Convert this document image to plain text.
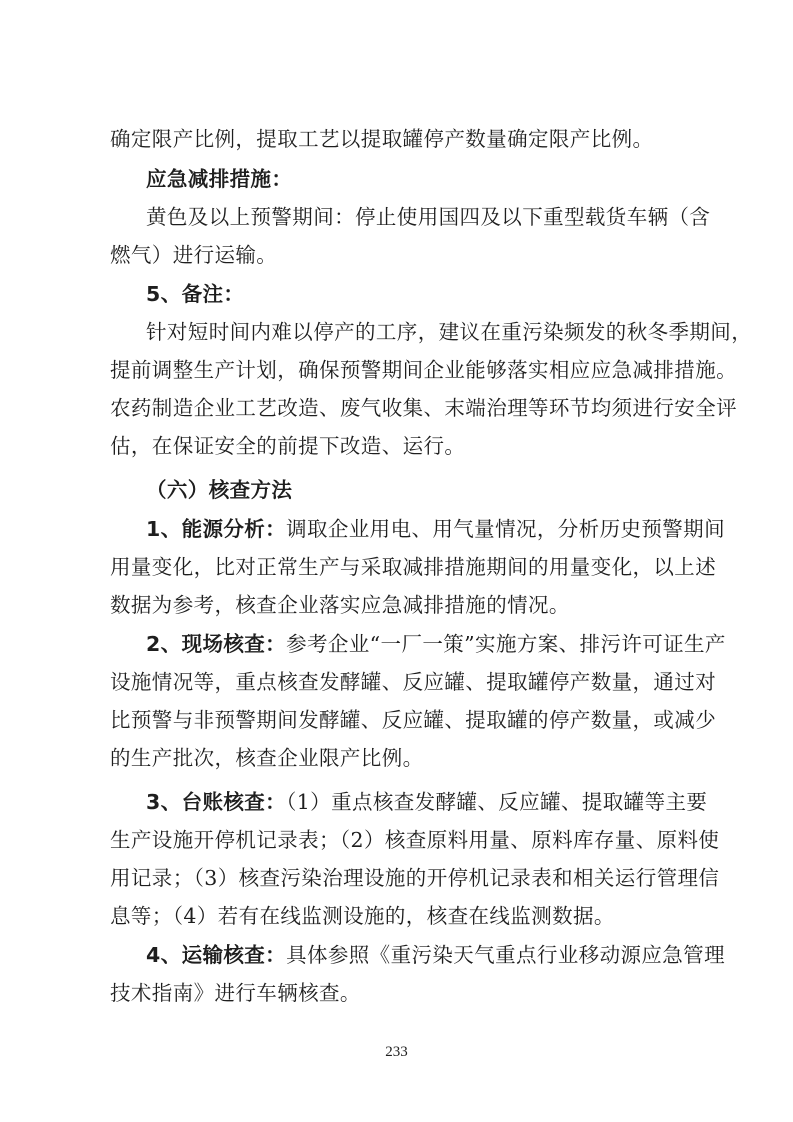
确定限产比例，提取工艺以提取罐停产数量确定限产比例。
应急减排措施：
黄色及以上预警期间：停止使用国四及以下重型载货车辆（含
燃气）进行运输。
5、备注：
针对短时间内难以停产的工序，建议在重污染频发的秋冬季期间，
提前调整生产计划，确保预警期间企业能够落实相应应急减排措施。
农药制造企业工艺改造、废气收集、末端治理等环节均须进行安全评
估，在保证安全的前提下改造、运行。
（六）核查方法
1、能源分析：调取企业用电、用气量情况，分析历史预警期间
用量变化，比对正常生产与采取减排措施期间的用量变化，以上述
数据为参考，核查企业落实应急减排措施的情况。
2、现场核查：参考企业“一厂一策”实施方案、排污许可证生产
设施情况等，重点核查发酵罐、反应罐、提取罐停产数量，通过对
比预警与非预警期间发酵罐、反应罐、提取罐的停产数量，或减少
的生产批次，核查企业限产比例。
3、台账核查：（1）重点核查发酵罐、反应罐、提取罐等主要
生产设施开停机记录表；（2）核查原料用量、原料库存量、原料使
用记录；（3）核查污染治理设施的开停机记录表和相关运行管理信
息等；（4）若有在线监测设施的，核查在线监测数据。
4、运输核查：具体参照《重污染天气重点行业移动源应急管理
技术指南》进行车辆核查。
233
